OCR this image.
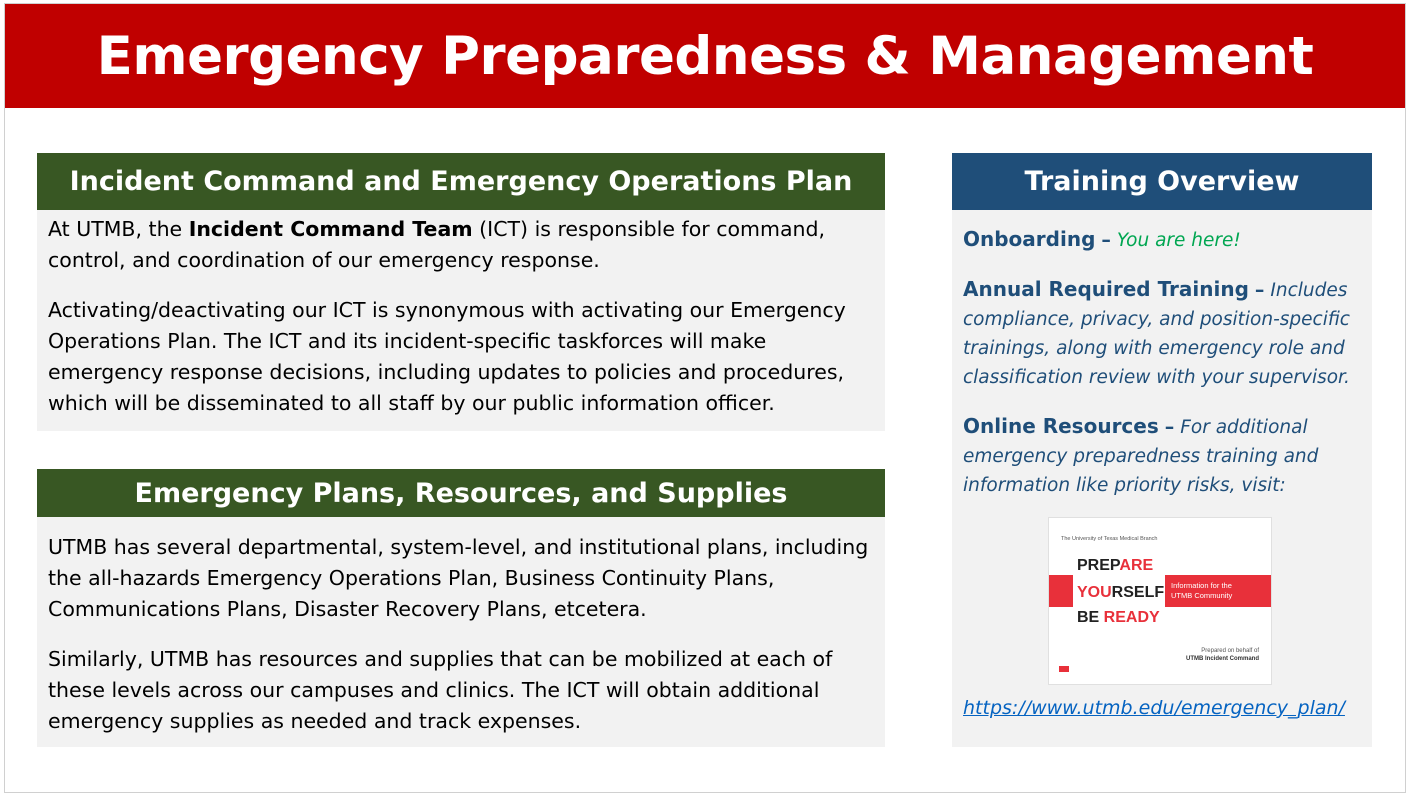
Emergency Preparedness & Management
Incident Command and Emergency Operations Plan

At UTMB, the Incident Command Team (ICT) is responsible for command, control, and coordination of our emergency response.

Activating/deactivating our ICT is synonymous with activating our Emergency Operations Plan. The ICT and its incident-specific taskforces will make emergency response decisions, including updates to policies and procedures, which will be disseminated to all staff by our public information officer.

Emergency Plans, Resources, and Supplies

UTMB has several departmental, system-level, and institutional plans, including the all-hazards Emergency Operations Plan, Business Continuity Plans, Communications Plans, Disaster Recovery Plans, etcetera.

Similarly, UTMB has resources and supplies that can be mobilized at each of these levels across our campuses and clinics. The ICT will obtain additional emergency supplies as needed and track expenses.

Training Overview
Onboarding – You are here!
Annual Required Training – Includes compliance, privacy, and position-specific trainings, along with emergency role and classification review with your supervisor.
Online Resources – For additional emergency preparedness training and information like priority risks, visit:
The University of Texas Medical Branch
PREPARE
YOURSELF
BE READY
Information for the
UTMB Community
Prepared on behalf of
UTMB Incident Command
https://www.utmb.edu/emergency_plan/
